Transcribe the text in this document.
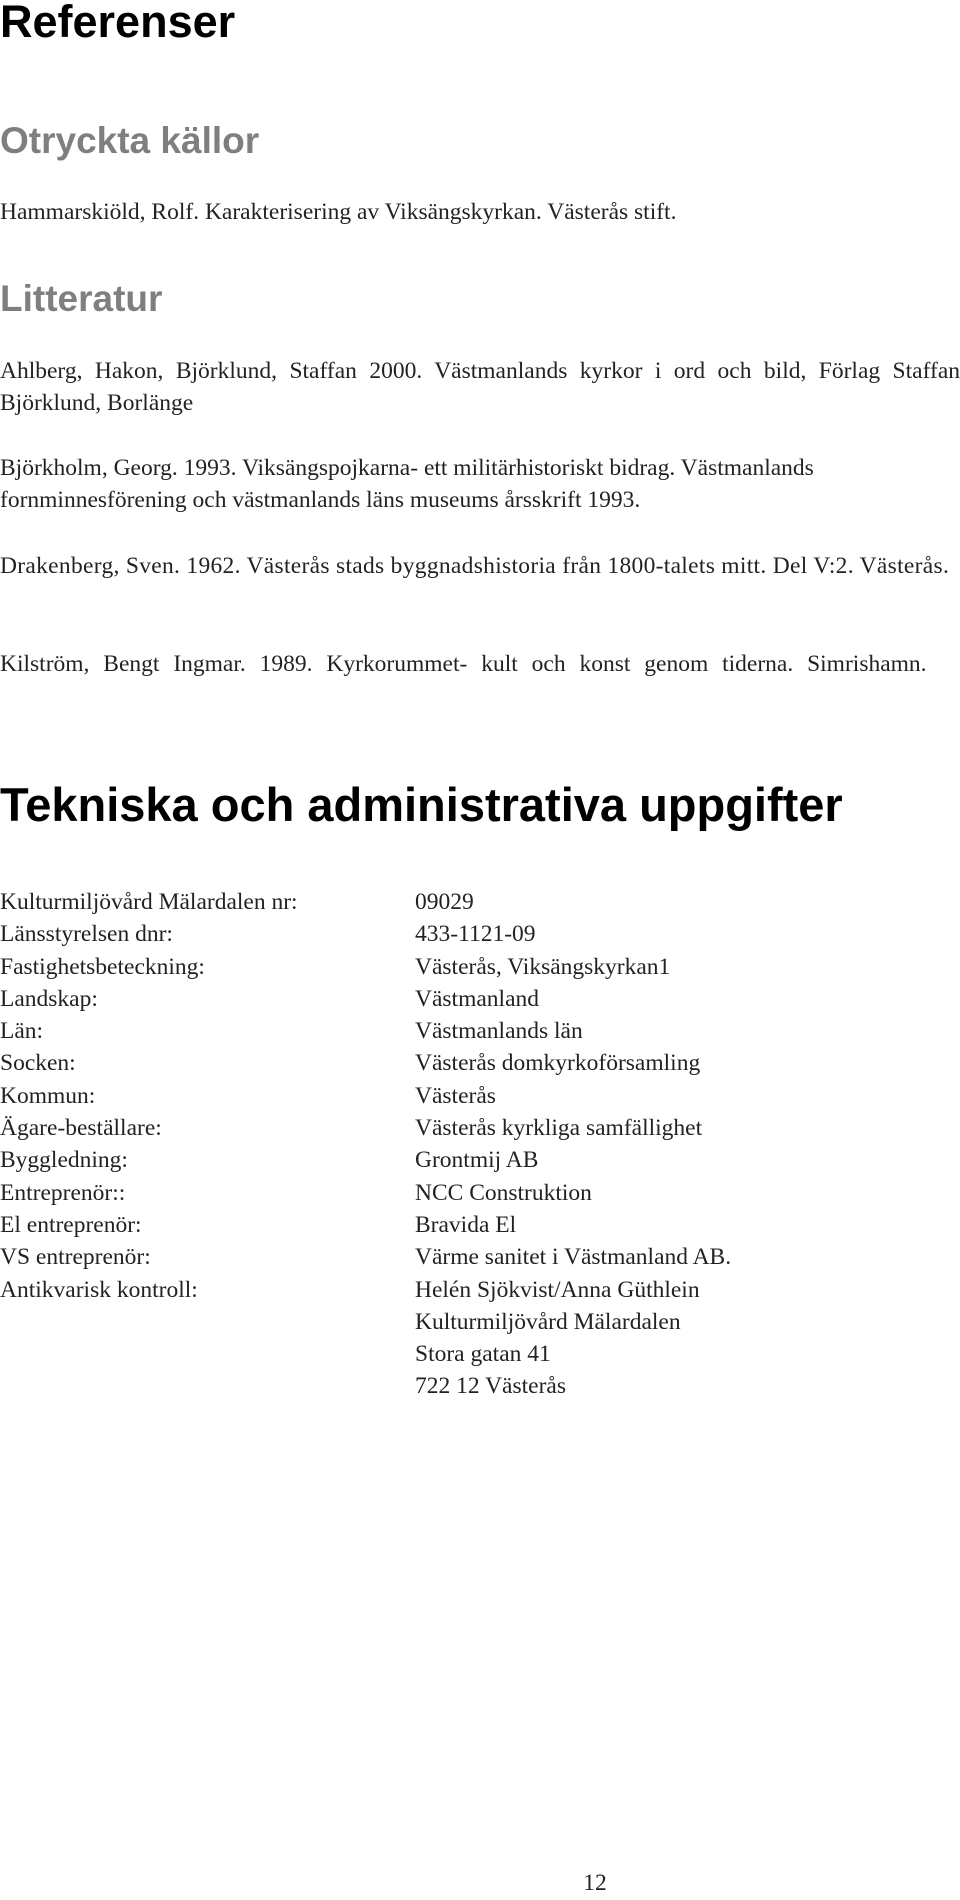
Referenser
Otryckta källor

Hammarskiöld, Rolf. Karakterisering av Viksängskyrkan. Västerås stift.

Litteratur

Ahlberg, Hakon, Björklund, Staffan 2000. Västmanlands kyrkor i ord och bild, Förlag Staffan Björklund, Borlänge

Björkholm, Georg. 1993. Viksängspojkarna- ett militärhistoriskt bidrag. Västmanlands fornminnesförening och västmanlands läns museums årsskrift 1993.

Drakenberg, Sven. 1962. Västerås stads byggnadshistoria från 1800-talets mitt. Del V:2. Västerås.

Kilström, Bengt Ingmar. 1989. Kyrkorummet- kult och konst genom tiderna. Simrishamn.

Tekniska och administrativa uppgifter
Kulturmiljövård Mälardalen nr:	09029
Länsstyrelsen dnr:	433-1121-09
Fastighetsbeteckning:	Västerås, Viksängskyrkan1
Landskap:	Västmanland
Län:	Västmanlands län
Socken:	Västerås domkyrkoförsamling
Kommun:	Västerås
Ägare-beställare:	Västerås kyrkliga samfällighet
Byggledning:	Grontmij AB
Entreprenör::	NCC Construktion
El entreprenör:	Bravida El
VS entreprenör:	Värme sanitet i Västmanland AB.
Antikvarisk kontroll:	Helén Sjökvist/Anna Güthlein
Kulturmiljövård Mälardalen
Stora gatan 41
722 12 Västerås

12
